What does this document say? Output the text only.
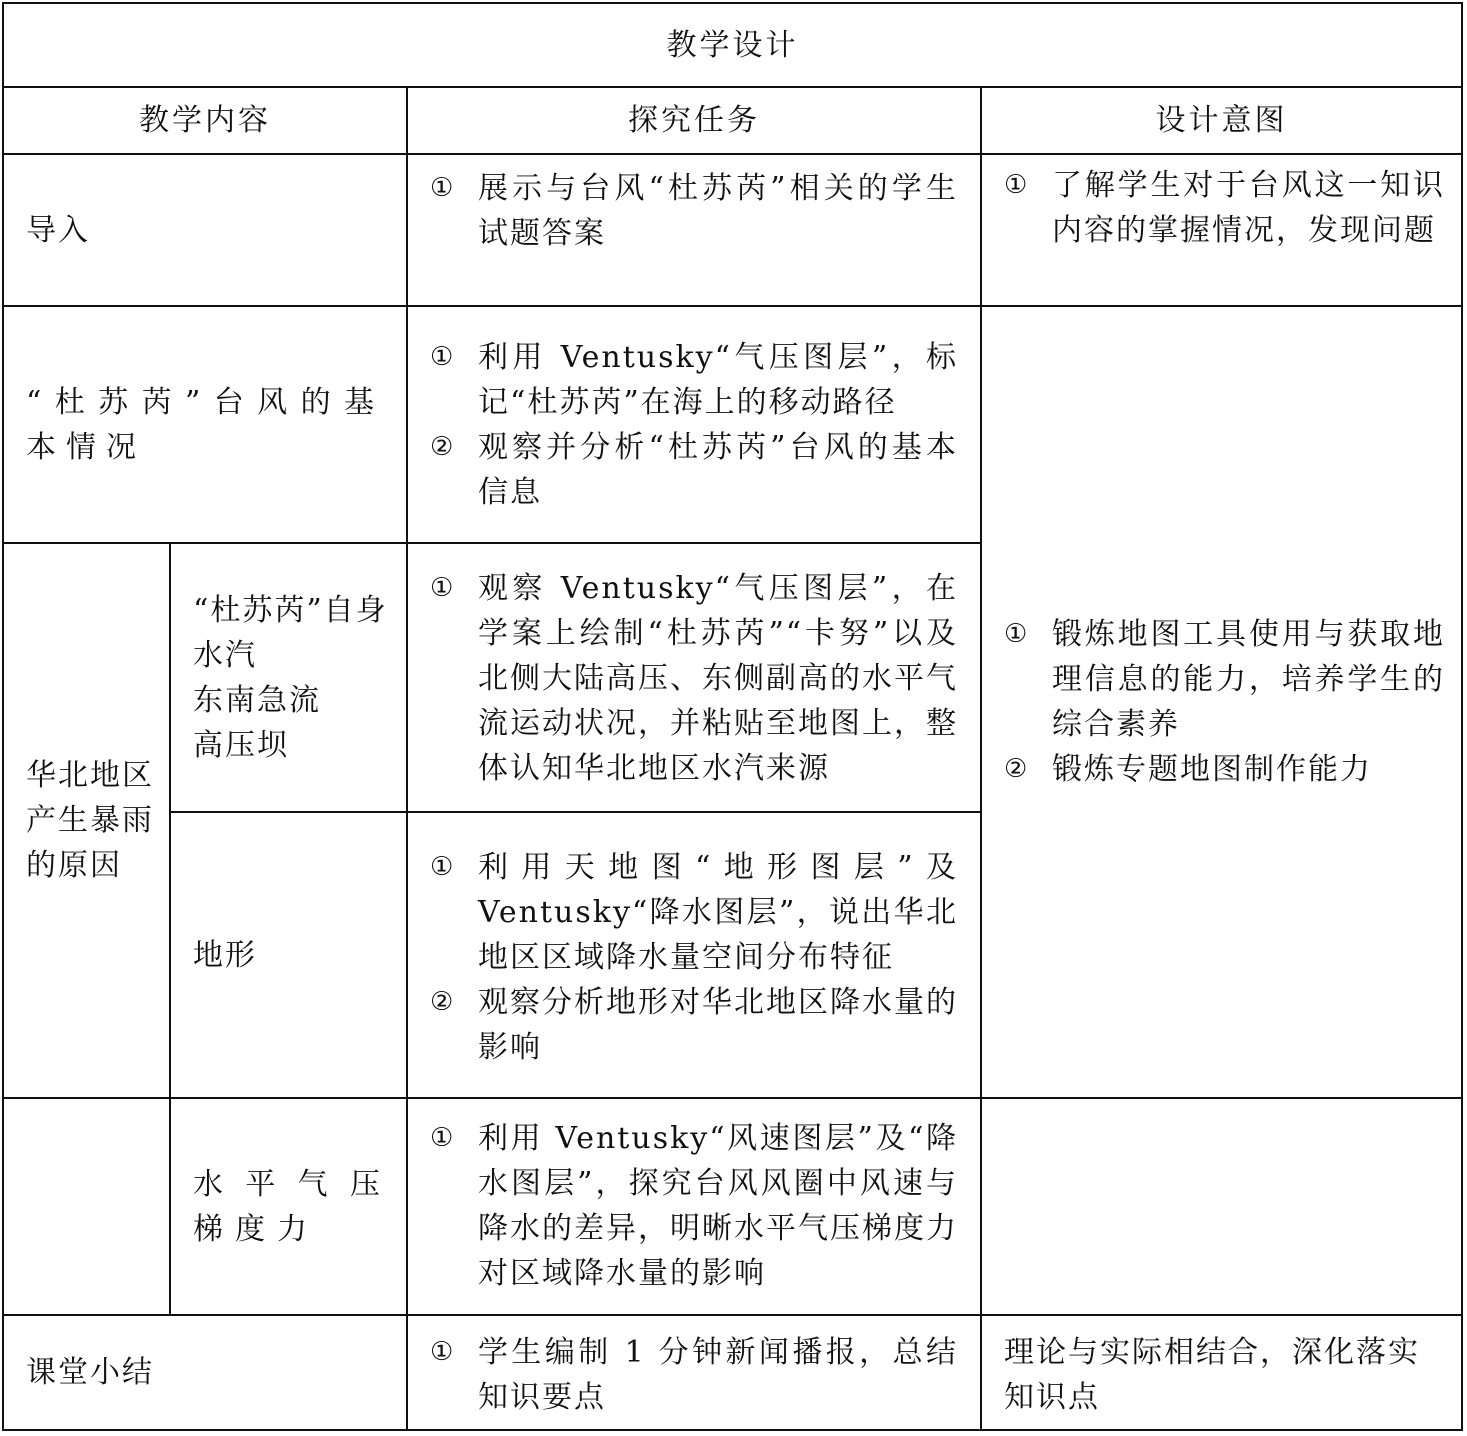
教学设计
教学内容	探究任务	设计意图
导入
① 展示与台风“杜苏芮”相关的学生试题答案
① 了解学生对于台风这一知识内容的掌握情况，发现问题
“杜苏芮”台风的基本情况
① 利用 Ventusky“气压图层”，标记“杜苏芮”在海上的移动路径
② 观察并分析“杜苏芮”台风的基本信息
① 锻炼地图工具使用与获取地理信息的能力，培养学生的综合素养
② 锻炼专题地图制作能力
华北地区产生暴雨的原因
“杜苏芮”自身
水汽
东南急流
高压坝
① 观察 Ventusky“气压图层”，在学案上绘制“杜苏芮”“卡努”以及北侧大陆高压、东侧副高的水平气流运动状况，并粘贴至地图上，整体认知华北地区水汽来源
地形
① 利用天地图“地形图层”及 Ventusky“降水图层”，说出华北地区区域降水量空间分布特征
② 观察分析地形对华北地区降水量的影响
水平气压梯度力
① 利用 Ventusky“风速图层”及“降水图层”，探究台风风圈中风速与降水的差异，明晰水平气压梯度力对区域降水量的影响
课堂小结
① 学生编制 1 分钟新闻播报，总结知识要点
理论与实际相结合，深化落实知识点
